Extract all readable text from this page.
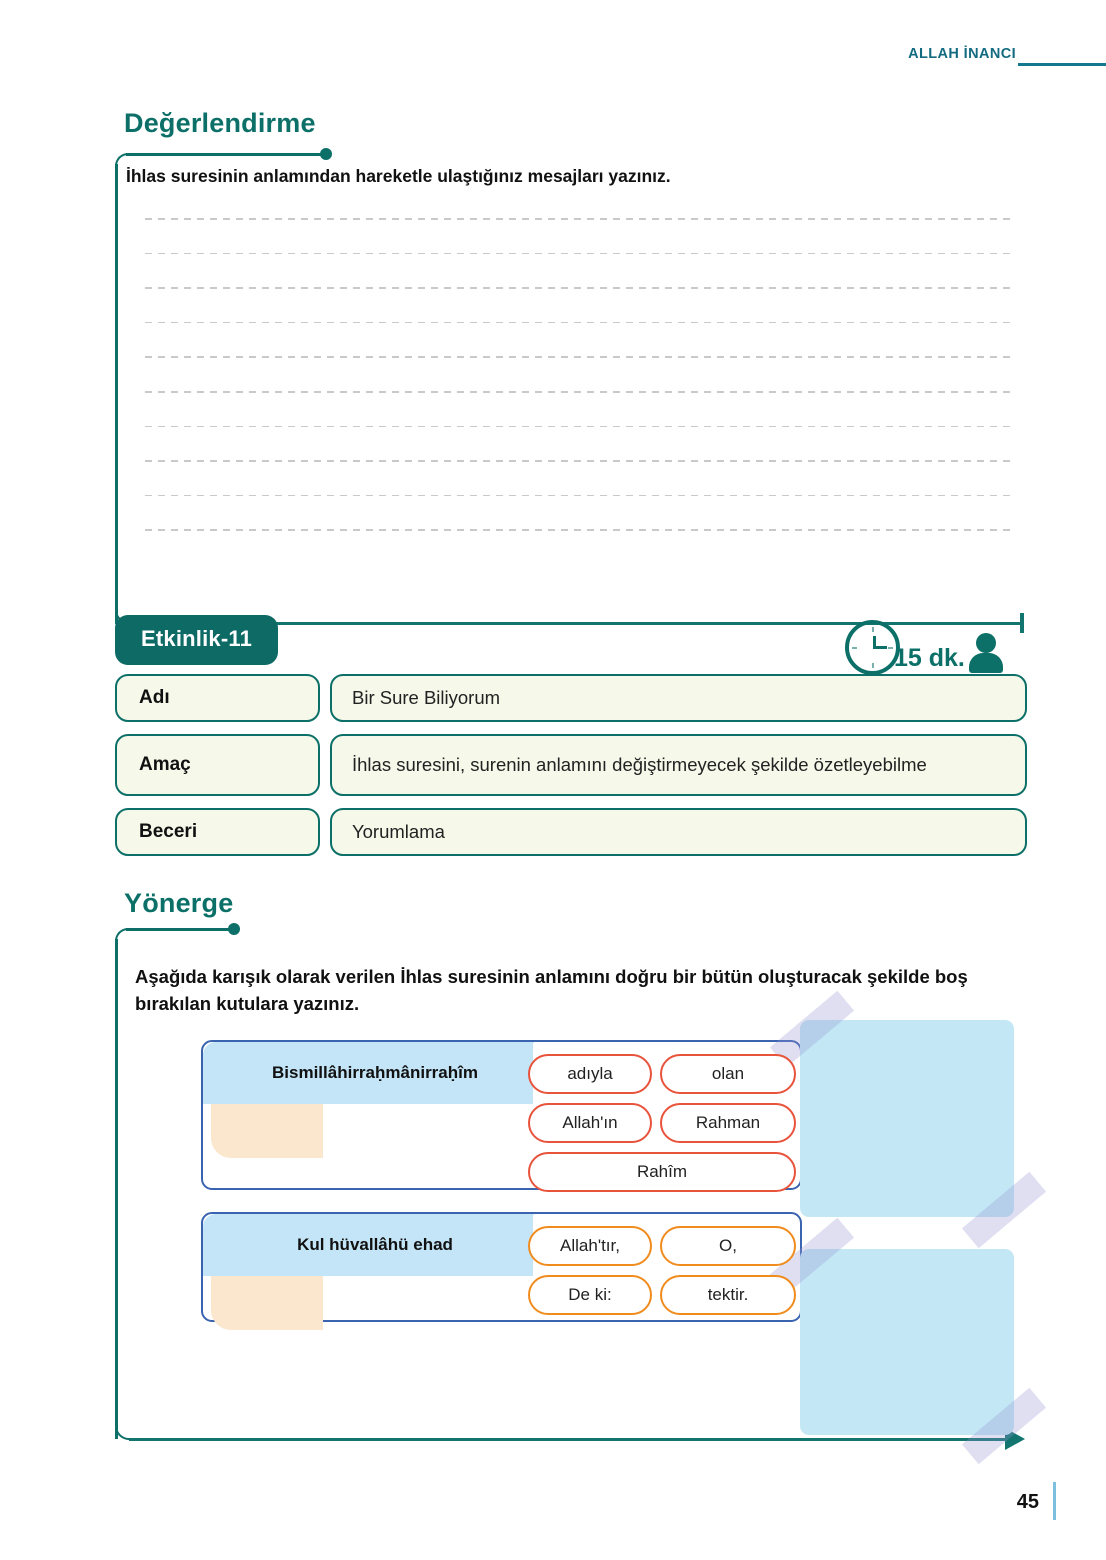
ALLAH İNANCI
Değerlendirme
İhlas suresinin anlamından hareketle ulaştığınız mesajları yazınız.
Etkinlik-11
15 dk.
Adı	Bir Sure Biliyorum
Amaç	İhlas suresini, surenin anlamını değiştirmeyecek şekilde özetleyebilme
Beceri	Yorumlama
Yönerge
Aşağıda karışık olarak verilen İhlas suresinin anlamını doğru bir bütün oluşturacak şekilde boş bırakılan kutulara yazınız.
Bismillâhirraḥmânirraḥîm	adıyla	olan
Allah'ın	Rahman
Rahîm
Kul hüvallâhü ehad	Allah'tır,	O,
De ki:	tektir.
45
